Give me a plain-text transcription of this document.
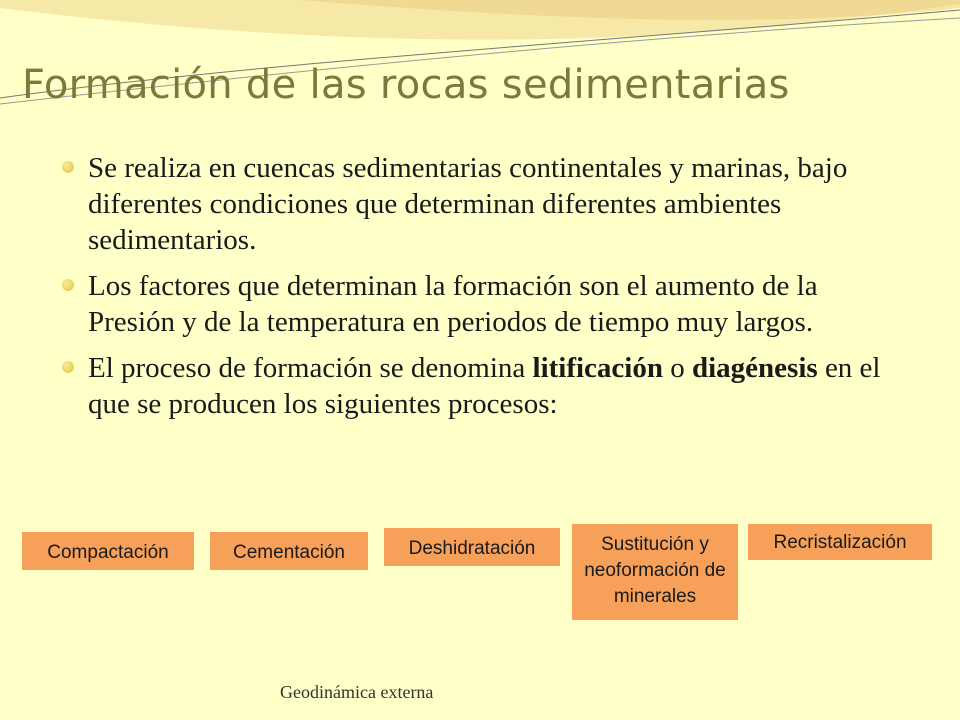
Formación de las rocas sedimentarias
Se realiza en cuencas sedimentarias continentales y marinas, bajo diferentes condiciones que determinan diferentes ambientes sedimentarios.
Los factores que determinan la formación son el aumento de la Presión y de la temperatura en periodos de tiempo muy largos.
El proceso de formación se denomina litificación o diagénesis en el que se producen los siguientes procesos:
Compactación	Cementación	Deshidratación	Sustitución y neoformación de minerales
Recristalización
Geodinámica externa
